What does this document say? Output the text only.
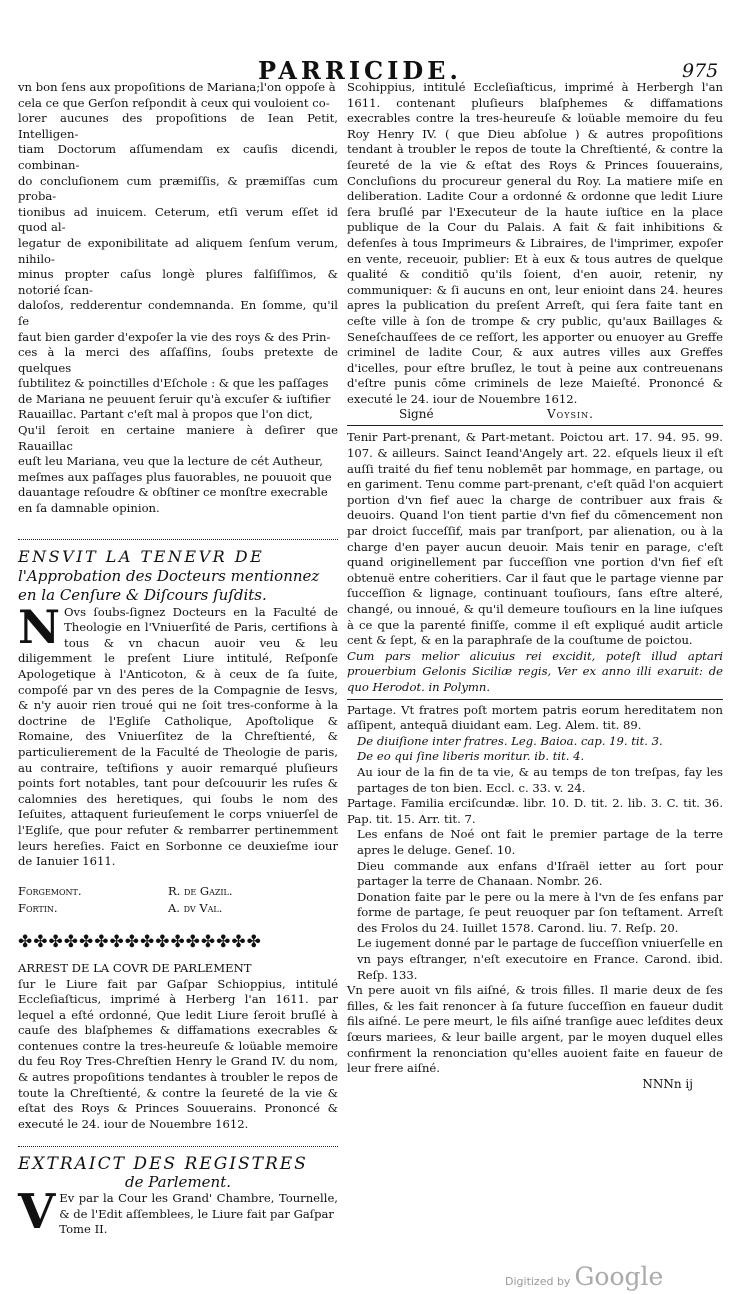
PARRICIDE.	975

vn bon ſens aux propoſitions de Mariana;l'on oppoſe à
cela ce que Gerſon reſpondit à ceux qui vouloient co-
lorer aucunes des propoſitions de Iean Petit, Intelligen-
tiam Doctorum aſſumendam ex cauſis dicendi, combinan-
do concluſionem cum præmiſſis, & præmiſſas cum proba-
tionibus ad inuicem. Ceterum, etſi verum eſſet id quod al-
legatur de exponibilitate ad aliquem ſenſum verum, nihilo-
minus propter caſus longè plures falſiſſimos, & notorié ſcan-
daloſos, redderentur condemnanda. En ſomme, qu'il ſe
faut bien garder d'expoſer la vie des roys & des Prin-
ces à la merci des aſſaſſins, ſoubs pretexte de quelques
ſubtilitez & poinctilles d'Eſchole : & que les paſſages
de Mariana ne peuuent ſeruir qu'à excuſer & iuſtifier
Rauaillac. Partant c'eſt mal à propos que l'on dict,
Qu'il ſeroit en certaine maniere à deſirer que Rauaillac
euſt leu Mariana, veu que la lecture de cét Autheur,
meſmes aux paſſages plus fauorables, ne pouuoit que
dauantage reſoudre & obſtiner ce monſtre execrable
en ſa damnable opinion.

ENSVIT LA TENEVR DE

l'Approbation des Docteurs mentionnez

en la Cenſure & Diſcours ſuſdits.

N Ovs ſoubs-ſignez Docteurs en la Faculté de Theologie en l'Vniuerſité de Paris, certifions à tous & vn chacun auoir veu & leu diligemment le preſent Liure intitulé, Reſponſe Apologetique à l'Anticoton, & à ceux de ſa ſuite, compoſé par vn des peres de la Compagnie de Iesvs, & n'y auoir rien troué qui ne ſoit tres-conforme à la doctrine de l'Egliſe Catholique, Apoſtolique & Romaine, des Vniuerſitez de la Chreſtienté, & particulierement de la Faculté de Theologie de paris, au contraire, teſtifions y auoir remarqué pluſieurs points fort notables, tant pour deſcouurir les ruſes & calomnies des heretiques, qui ſoubs le nom des Ieſuites, attaquent furieuſement le corps vniuerſel de l'Egliſe, que pour refuter & rembarrer pertinemment leurs hereſies. Faict en Sorbonne ce deuxieſme iour de Ianuier 1611.

Forgemont.	R. de Gazil.
Fortin.	A. dv Val.
✤✤✤✤✤✤✤✤✤✤✤✤✤✤✤✤

ARREST DE LA COVR DE PARLEMENT

ſur le Liure fait par Gaſpar Schioppius, intitulé Eccleſiaſticus, imprimé à Herberg l'an 1611. par lequel a eſté ordonné, Que ledit Liure ſeroit bruſlé à cauſe des blaſphemes & diffamations execrables & contenues contre la tres-heureuſe & loüable memoire du feu Roy Tres-Chreſtien Henry le Grand IV. du nom, & autres propoſitions tendantes à troubler le repos de toute la Chreſtienté, & contre la ſeureté de la vie & eſtat des Roys & Princes Souuerains. Prononcé & executé le 24. iour de Nouembre 1612.

EXTRAICT DES REGISTRES

de Parlement.

V Ev par la Cour les Grand' Chambre, Tournelle, & de l'Edit aſſemblees, le Liure fait par Gaſpar
Tome II.

Scohippius, intitulé Eccleſiaſticus, imprimé à Herbergh l'an 1611. contenant pluſieurs blaſphemes & diffamations execrables contre la tres-heureuſe & loüable memoire du feu Roy Henry IV. ( que Dieu abſolue ) & autres propoſitions tendant à troubler le repos de toute la Chreſtienté, & contre la ſeureté de la vie & eſtat des Roys & Princes ſouuerains, Concluſions du procureur general du Roy. La matiere miſe en deliberation. Ladite Cour a ordonné & ordonne que ledit Liure ſera bruſlé par l'Executeur de la haute iuſtice en la place publique de la Cour du Palais. A fait & fait inhibitions & defenſes à tous Imprimeurs & Libraires, de l'imprimer, expoſer en vente, receuoir, publier: Et à eux & tous autres de quelque qualité & conditiō qu'ils ſoient, d'en auoir, retenir, ny communiquer: & ſi aucuns en ont, leur enioint dans 24. heures apres la publication du preſent Arreſt, qui ſera faite tant en ceſte ville à ſon de trompe & cry public, qu'aux Baillages & Seneſchauſſees de ce reſſort, les apporter ou enuoyer au Greffe criminel de ladite Cour, & aux autres villes aux Greffes d'icelles, pour eſtre bruſlez, le tout à peine aux contreuenans d'eſtre punis cōme criminels de leze Maieſté. Prononcé & executé le 24. iour de Nouembre 1612.

Signé	Voysin.

Tenir Part-prenant, & Part-metant. Poictou art. 17. 94. 95. 99. 107. & ailleurs. Sainct Ieand'Angely art. 22. eſquels lieux il eſt auſſi traité du fief tenu noblemēt par hommage, en partage, ou en gariment. Tenu comme part-prenant, c'eſt quād l'on acquiert portion d'vn fief auec la charge de contribuer aux frais & deuoirs. Quand l'on tient partie d'vn fief du cōmencement non par droict ſucceſſif, mais par tranſport, par alienation, ou à la charge d'en payer aucun deuoir. Mais tenir en parage, c'eſt quand originellement par ſucceſſion vne portion d'vn fief eſt obtenuë entre coheritiers. Car il faut que le partage vienne par ſucceſſion & lignage, continuant touſiours, ſans eſtre alteré, changé, ou innoué, & qu'il demeure touſiours en la line iuſques à ce que la parenté finiſſe, comme il eſt expliqué audit article cent & ſept, & en la paraphraſe de la couſtume de poictou.

Cum pars melior alicuius rei excidit, poteſt illud aptari prouerbium Gelonis Siciliæ regis, Ver ex anno illi exaruit: de quo Herodot. in Polymn.

Partage. Vt fratres poſt mortem patris eorum hereditatem non aſſipent, antequā diuidant eam. Leg. Alem. tit. 89.

De diuiſione inter fratres. Leg. Baioa. cap. 19. tit. 3.

De eo qui ſine liberis moritur. ib. tit. 4.

Au iour de la fin de ta vie, & au temps de ton treſpas, fay les partages de ton bien. Eccl. c. 33. v. 24.

Partage. Familia erciſcundæ. libr. 10. D. tit. 2. lib. 3. C. tit. 36. Pap. tit. 15. Arr. tit. 7.

Les enfans de Noé ont fait le premier partage de la terre apres le deluge. Geneſ. 10.

Dieu commande aux enfans d'Iſraël ietter au ſort pour partager la terre de Chanaan. Nombr. 26.

Donation faite par le pere ou la mere à l'vn de ſes enfans par forme de partage, ſe peut reuoquer par ſon teſtament. Arreſt des Frolos du 24. Iuillet 1578. Carond. liu. 7. Reſp. 20.

Le iugement donné par le partage de ſucceſſion vniuerſelle en vn pays eſtranger, n'eſt executoire en France. Carond. ibid. Reſp. 133.

Vn pere auoit vn fils aiſné, & trois filles. Il marie deux de ſes filles, & les fait renoncer à ſa future ſucceſſion en faueur dudit fils aiſné. Le pere meurt, le fils aiſné tranſige auec leſdites deux ſœurs mariees, & leur baille argent, par le moyen duquel elles confirment la renonciation qu'elles auoient faite en faueur de leur frere aiſné.

NNNn ij

Digitized by Google
